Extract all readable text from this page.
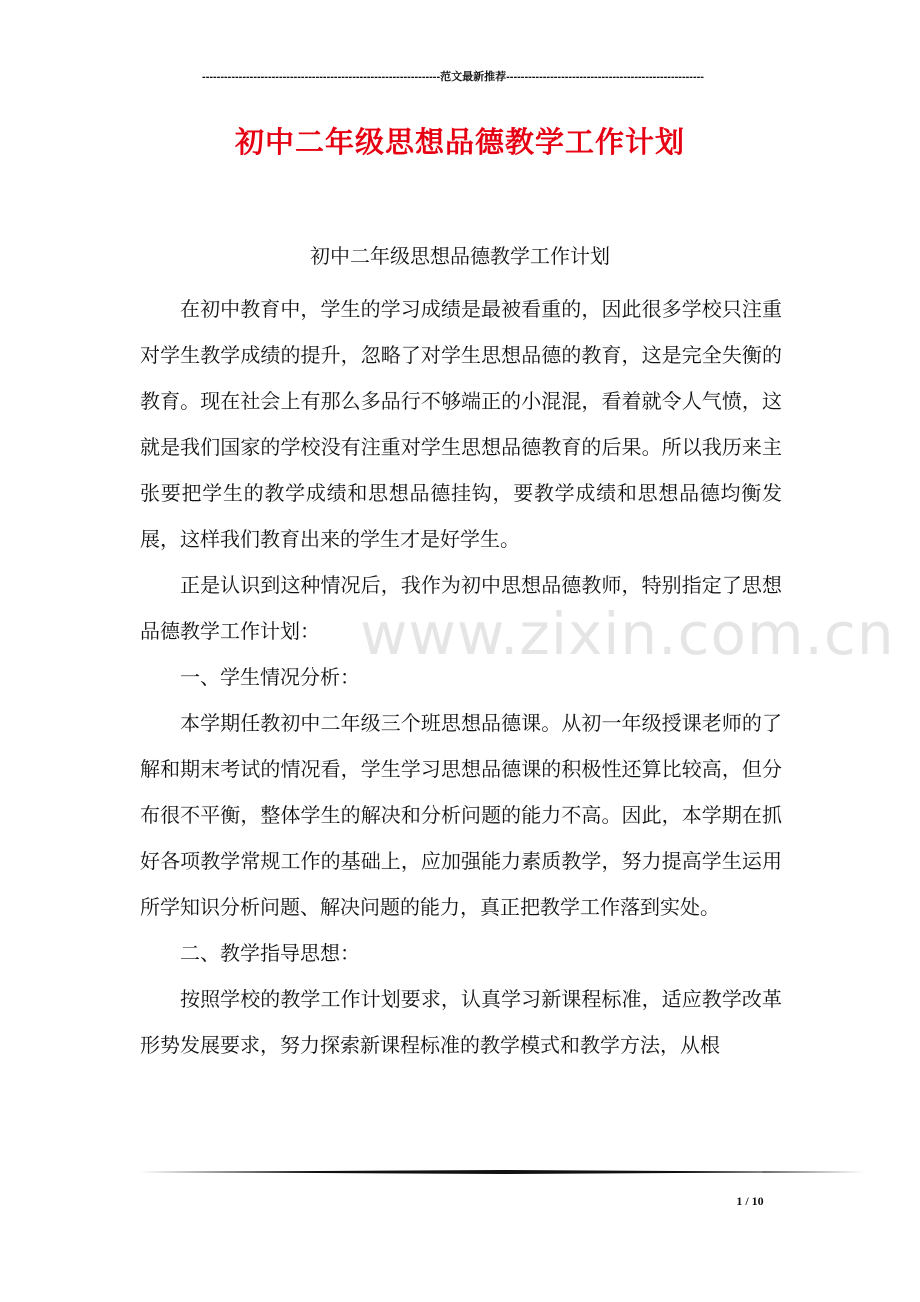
-----------------------------------------------------------------范文最新推荐------------------------------------------------------
初中二年级思想品德教学工作计划
初中二年级思想品德教学工作计划

在初中教育中，学生的学习成绩是最被看重的，因此很多学校只注重对学生教学成绩的提升，忽略了对学生思想品德的教育，这是完全失衡的教育。现在社会上有那么多品行不够端正的小混混，看着就令人气愤，这就是我们国家的学校没有注重对学生思想品德教育的后果。所以我历来主张要把学生的教学成绩和思想品德挂钩，要教学成绩和思想品德均衡发展，这样我们教育出来的学生才是好学生。

正是认识到这种情况后，我作为初中思想品德教师，特别指定了思想品德教学工作计划：

一、学生情况分析：

本学期任教初中二年级三个班思想品德课。从初一年级授课老师的了解和期末考试的情况看，学生学习思想品德课的积极性还算比较高，但分布很不平衡，整体学生的解决和分析问题的能力不高。因此，本学期在抓好各项教学常规工作的基础上，应加强能力素质教学，努力提高学生运用所学知识分析问题、解决问题的能力，真正把教学工作落到实处。

二、教学指导思想：

按照学校的教学工作计划要求，认真学习新课程标准，适应教学改革形势发展要求，努力探索新课程标准的教学模式和教学方法，从根

www.zixin.com.cn
1 / 10
